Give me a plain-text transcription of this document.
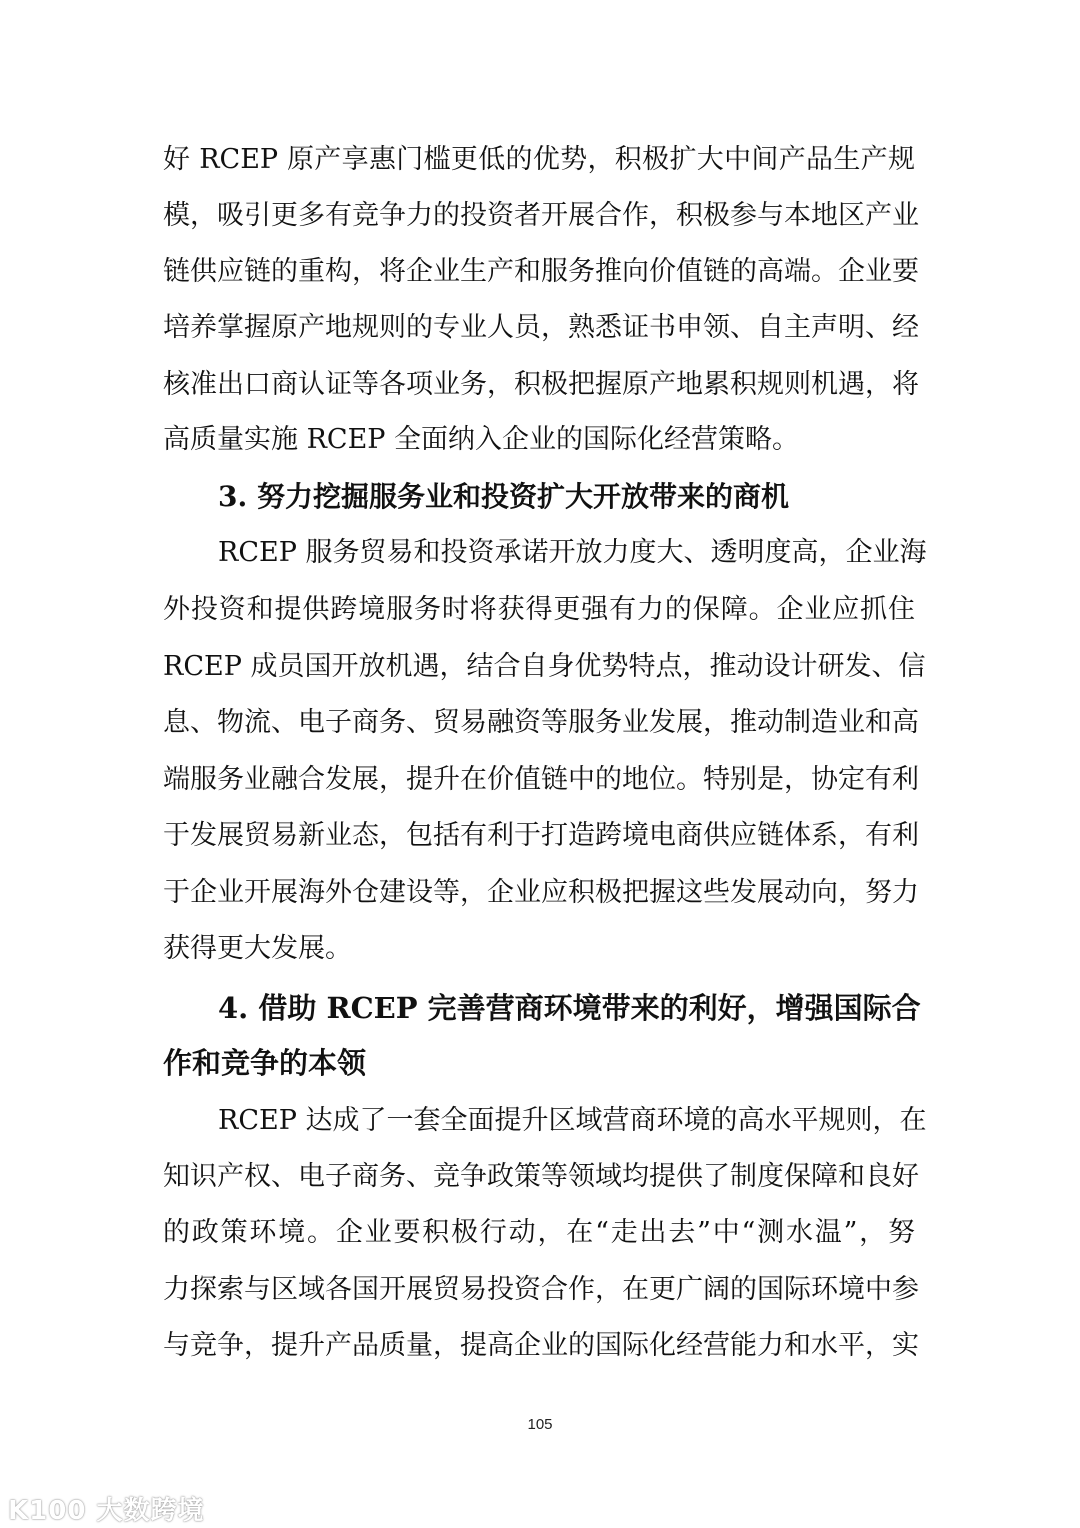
好 RCEP 原产享惠门槛更低的优势，积极扩大中间产品生产规
模，吸引更多有竞争力的投资者开展合作，积极参与本地区产业
链供应链的重构，将企业生产和服务推向价值链的高端。企业要
培养掌握原产地规则的专业人员，熟悉证书申领、自主声明、经
核准出口商认证等各项业务，积极把握原产地累积规则机遇，将
高质量实施 RCEP 全面纳入企业的国际化经营策略。
3. 努力挖掘服务业和投资扩大开放带来的商机
RCEP 服务贸易和投资承诺开放力度大、透明度高，企业海
外投资和提供跨境服务时将获得更强有力的保障。企业应抓住
RCEP 成员国开放机遇，结合自身优势特点，推动设计研发、信
息、物流、电子商务、贸易融资等服务业发展，推动制造业和高
端服务业融合发展，提升在价值链中的地位。特别是，协定有利
于发展贸易新业态，包括有利于打造跨境电商供应链体系，有利
于企业开展海外仓建设等，企业应积极把握这些发展动向，努力
获得更大发展。
4. 借助 RCEP 完善营商环境带来的利好，增强国际合
作和竞争的本领
RCEP 达成了一套全面提升区域营商环境的高水平规则，在
知识产权、电子商务、竞争政策等领域均提供了制度保障和良好
的政策环境。企业要积极行动，在“走出去”中“测水温”，努
力探索与区域各国开展贸易投资合作，在更广阔的国际环境中参
与竞争，提升产品质量，提高企业的国际化经营能力和水平，实
105
K100 大数跨境
